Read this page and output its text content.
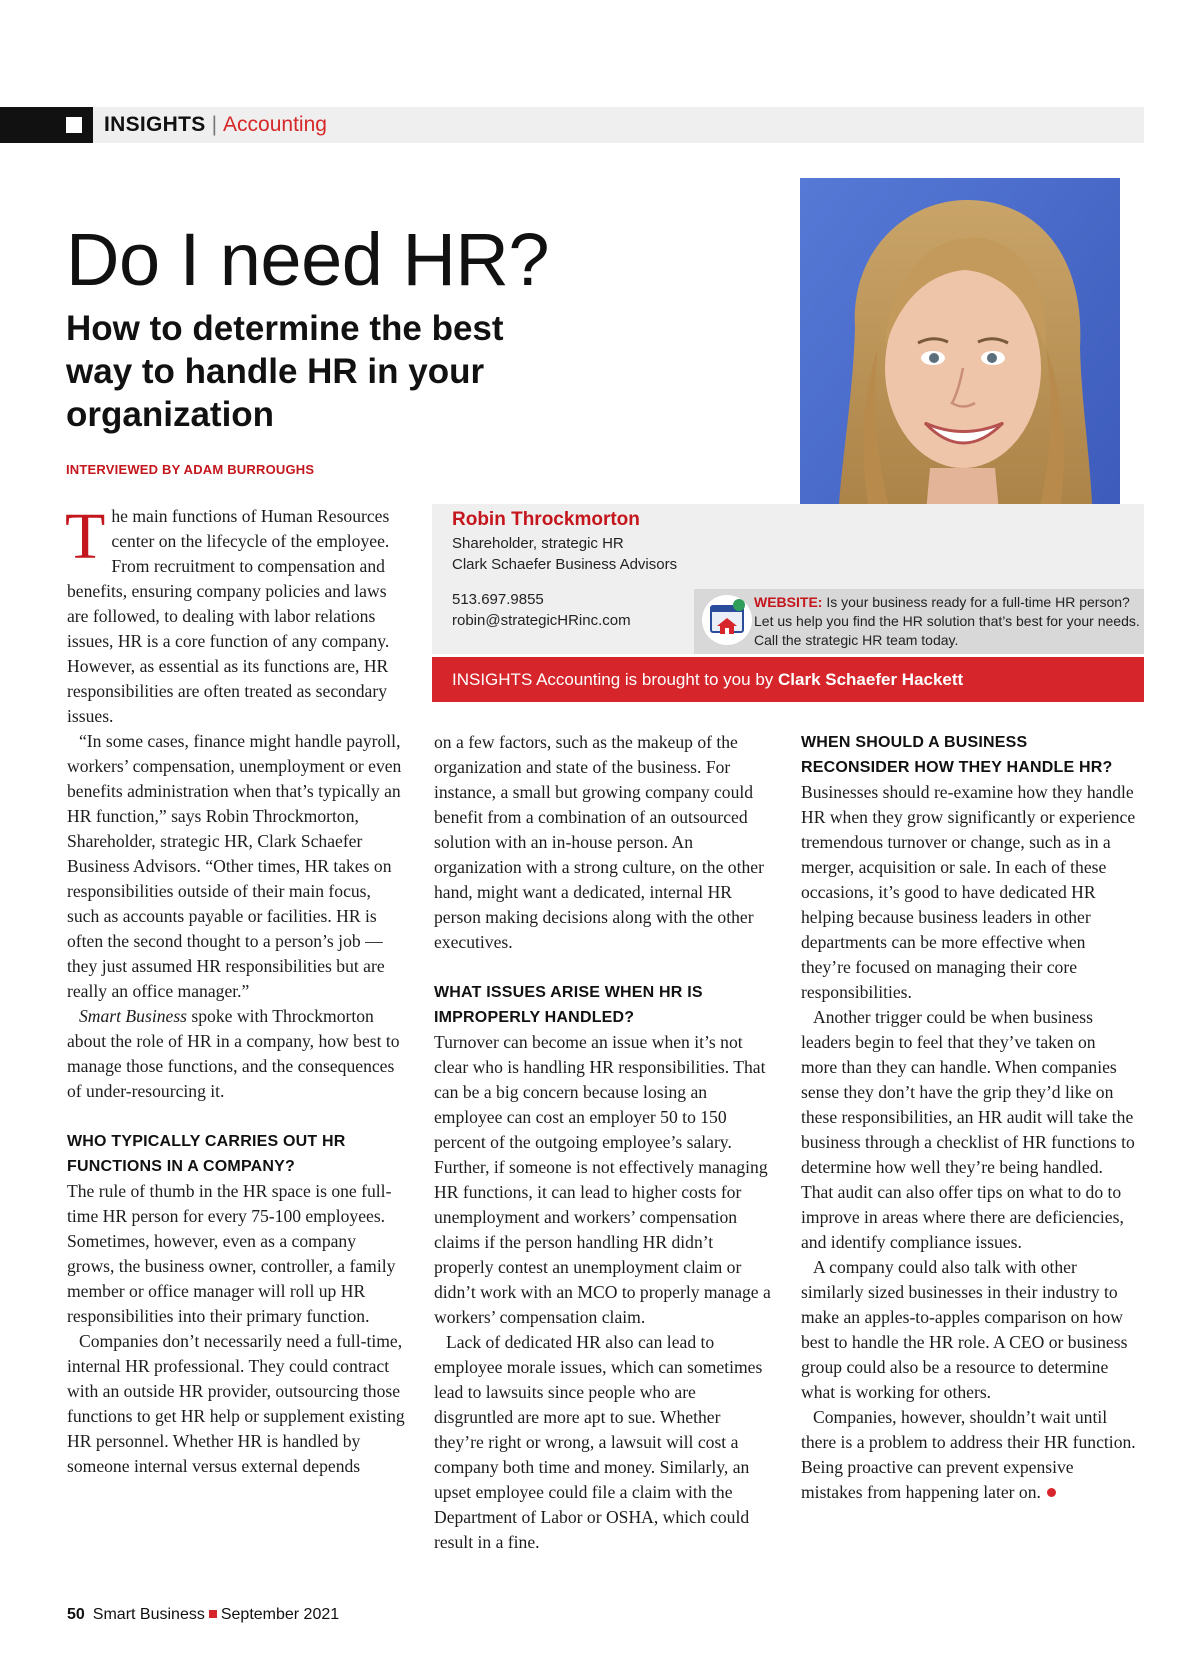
INSIGHTS | Accounting
Do I need HR?
How to determine the best way to handle HR in your organization
INTERVIEWED BY ADAM BURROUGHS
Robin Throckmorton
Shareholder, strategic HR
Clark Schaefer Business Advisors
513.697.9855
robin@strategicHRinc.com
WEBSITE: Is your business ready for a full-time HR person? Let us help you find the HR solution that’s best for your needs. Call the strategic HR team today.
INSIGHTS Accounting is brought to you by Clark Schaefer Hackett

The main functions of Human Resources center on the lifecycle of the employee. From recruitment to compensation and benefits, ensuring company policies and laws are followed, to dealing with labor relations issues, HR is a core function of any company. However, as essential as its functions are, HR responsibilities are often treated as secondary issues.

“In some cases, finance might handle payroll, workers’ compensation, unemployment or even benefits administration when that’s typically an HR function,” says Robin Throckmorton, Shareholder, strategic HR, Clark Schaefer Business Advisors. “Other times, HR takes on responsibilities outside of their main focus, such as accounts payable or facilities. HR is often the second thought to a person’s job — they just assumed HR responsibilities but are really an office manager.”

Smart Business spoke with Throckmorton about the role of HR in a company, how best to manage those functions, and the consequences of under-resourcing it.

WHO TYPICALLY CARRIES OUT HR FUNCTIONS IN A COMPANY?

The rule of thumb in the HR space is one full-time HR person for every 75-100 employees. Sometimes, however, even as a company grows, the business owner, controller, a family member or office manager will roll up HR responsibilities into their primary function.

Companies don’t necessarily need a full-time, internal HR professional. They could contract with an outside HR provider, outsourcing those functions to get HR help or supplement existing HR personnel. Whether HR is handled by someone internal versus external depends

on a few factors, such as the makeup of the organization and state of the business. For instance, a small but growing company could benefit from a combination of an outsourced solution with an in-house person. An organization with a strong culture, on the other hand, might want a dedicated, internal HR person making decisions along with the other executives.

WHAT ISSUES ARISE WHEN HR IS IMPROPERLY HANDLED?

Turnover can become an issue when it’s not clear who is handling HR responsibilities. That can be a big concern because losing an employee can cost an employer 50 to 150 percent of the outgoing employee’s salary. Further, if someone is not effectively managing HR functions, it can lead to higher costs for unemployment and workers’ compensation claims if the person handling HR didn’t properly contest an unemployment claim or didn’t work with an MCO to properly manage a workers’ compensation claim.

Lack of dedicated HR also can lead to employee morale issues, which can sometimes lead to lawsuits since people who are disgruntled are more apt to sue. Whether they’re right or wrong, a lawsuit will cost a company both time and money. Similarly, an upset employee could file a claim with the Department of Labor or OSHA, which could result in a fine.

WHEN SHOULD A BUSINESS RECONSIDER HOW THEY HANDLE HR?

Businesses should re-examine how they handle HR when they grow significantly or experience tremendous turnover or change, such as in a merger, acquisition or sale. In each of these occasions, it’s good to have dedicated HR helping because business leaders in other departments can be more effective when they’re focused on managing their core responsibilities.

Another trigger could be when business leaders begin to feel that they’ve taken on more than they can handle. When companies sense they don’t have the grip they’d like on these responsibilities, an HR audit will take the business through a checklist of HR functions to determine how well they’re being handled. That audit can also offer tips on what to do to improve in areas where there are deficiencies, and identify compliance issues.

A company could also talk with other similarly sized businesses in their industry to make an apples-to-apples comparison on how best to handle the HR role. A CEO or business group could also be a resource to determine what is working for others.

Companies, however, shouldn’t wait until there is a problem to address their HR function. Being proactive can prevent expensive mistakes from happening later on.

50 Smart Business September 2021
